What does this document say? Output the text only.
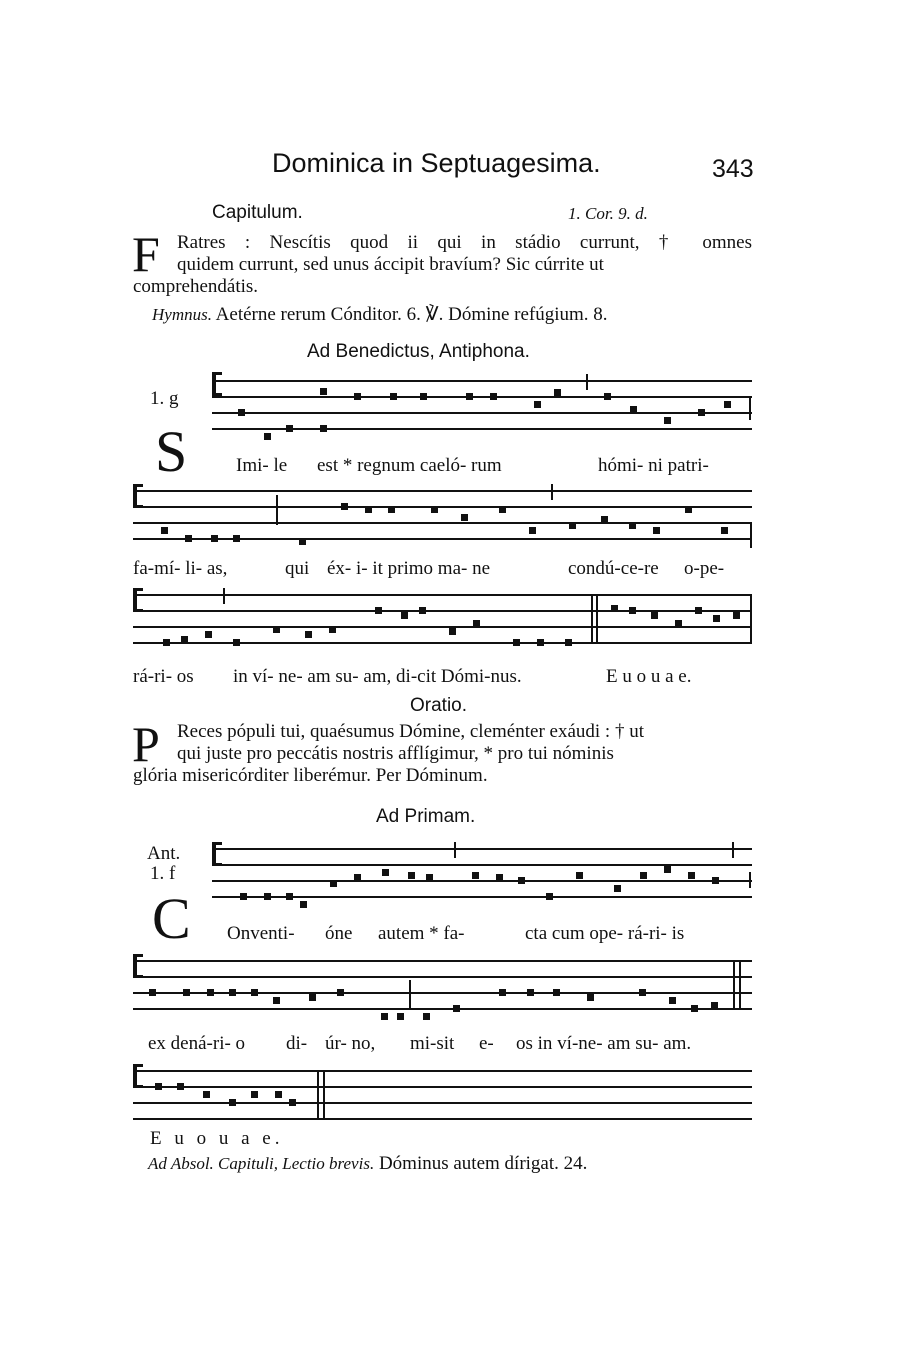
Dominica in Septuagesima.	343
Capitulum.	1. Cor. 9. d.
F Ratres : Nescítis quod ii qui in stádio currunt, † omnes
quidem currunt, sed unus áccipit bravíum? Sic cúrrite ut
comprehendátis.
Hymnus. Aetérne rerum Cónditor. 6. ℣. Dómine refúgium. 8.
Ad Benedictus, Antiphona.
1. g
S	Imi- le est * regnum caeló- rum	hómi- ni patri-
fa-mí- li- as,	qui éx- i- it primo ma- ne	condú-ce-re o-pe-
rá-ri- os in ví- ne- am su- am, di-cit Dómi-nus.	E u o u a e.
Oratio.
P Reces pópuli tui, quaésumus Dómine, cleménter exáudi : † ut
qui juste pro peccátis nostris afflígimur, * pro tui nóminis
glória misericórditer liberémur. Per Dóminum.
Ad Primam.
Ant.
1. f
C Onventi- óne autem * fa-	cta cum ope- rá-ri- is
ex dená-ri- o di- úr- no, mi-sit e- os in ví-ne- am su- am.
E u o u a e.
Ad Absol. Capituli, Lectio brevis. Dóminus autem dírigat. 24.
